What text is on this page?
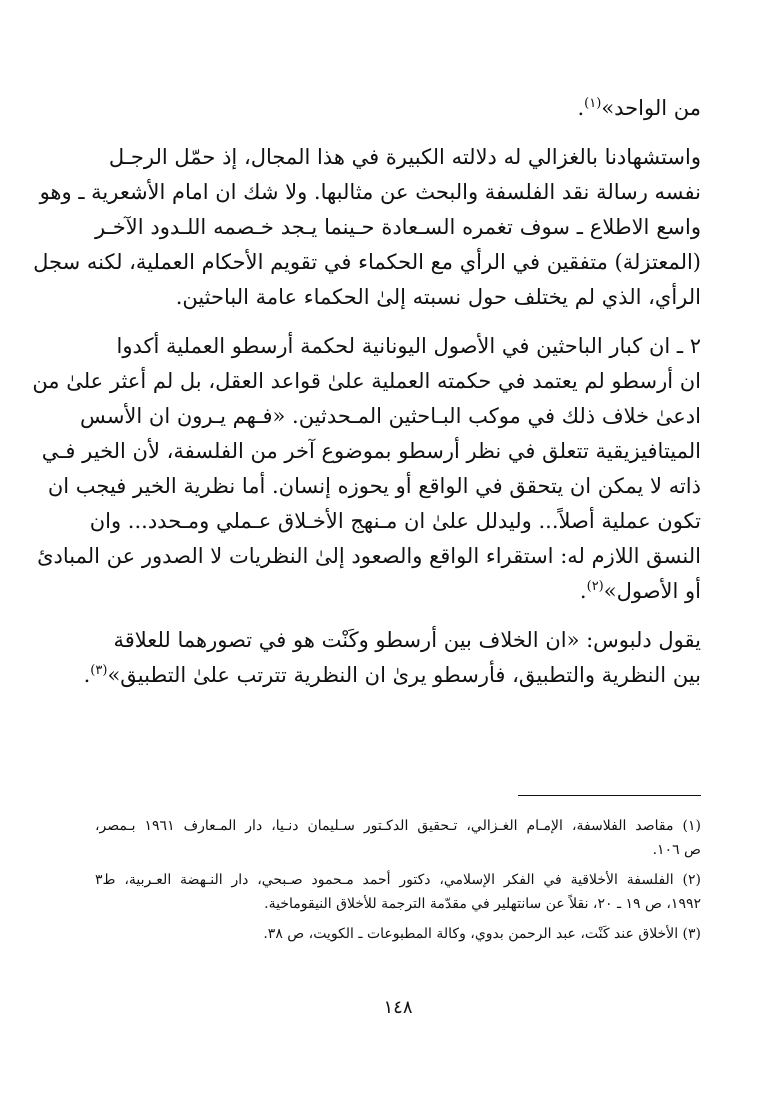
من الواحد»$^{(١)}$.
واستشهادنا بالغزالي له دلالته الكبيرة في هذا المجال، إذ حمّل الرجـل
نفسه رسالة نقد الفلسفة والبحث عن مثالبها. ولا شك ان امام الأشعرية ـ وهو
واسع الاطلاع ـ سوف تغمره السـعادة حـينما يـجد خـصمه اللـدود الآخـر
(المعتزلة) متفقين في الرأي مع الحكماء في تقويم الأحكام العملية، لكنه سجل
الرأي، الذي لم يختلف حول نسبته إلىٰ الحكماء عامة الباحثين.
٢ ـ ان كبار الباحثين في الأصول اليونانية لحكمة أرسطو العملية أكدوا
ان أرسطو لم يعتمد في حكمته العملية علىٰ قواعد العقل، بل لم أعثر علىٰ من
ادعىٰ خلاف ذلك في موكب البـاحثين المـحدثين. «فـهم يـرون ان الأسس
الميتافيزيقية تتعلق في نظر أرسطو بموضوع آخر من الفلسفة، لأن الخير فـي
ذاته لا يمكن ان يتحقق في الواقع أو يحوزه إنسان. أما نظرية الخير فيجب ان
تكون عملية أصلاً... وليدلل علىٰ ان مـنهج الأخـلاق عـملي ومـحدد... وان
النسق اللازم له: استقراء الواقع والصعود إلىٰ النظريات لا الصدور عن المبادئ
أو الأصول»$^{(٢)}$.
يقول دلبوس: «ان الخلاف بين أرسطو وكَنْت هو في تصورهما للعلاقة
بين النظرية والتطبيق، فأرسطو يرىٰ ان النظرية تترتب علىٰ التطبيق»$^{(٣)}$.
(١) مقاصد الفلاسفة، الإمـام الغـزالي، تـحقيق الدكـتور سـليمان دنـيا، دار المـعارف ١٩٦١ بـمصر،
ص ١٠٦.
(٢) الفلسفة الأخلاقية في الفكر الإسلامي، دكتور أحمد مـحمود صـبحي، دار النـهضة العـربية، ط٣
١٩٩٢، ص ١٩ ـ ٢٠، نقلاً عن سانتهلير في مقدّمة الترجمة للأخلاق النيقوماخية.
(٣) الأخلاق عند كَنْت، عبد الرحمن بدوي، وكالة المطبوعات ـ الكويت، ص ٣٨.
١٤٨
